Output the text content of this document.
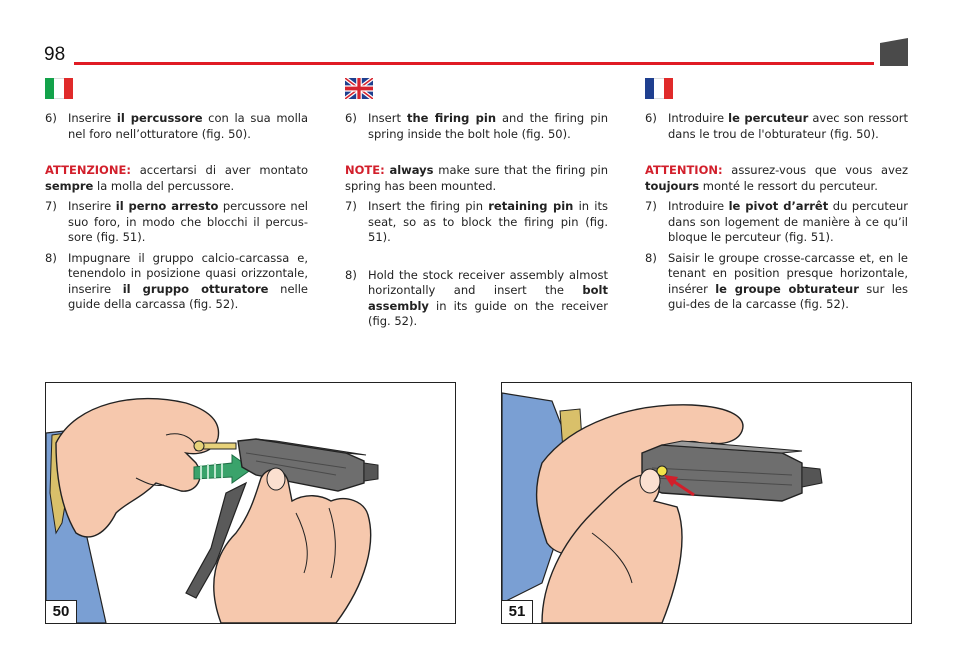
98
6) Inserire il percussore con la sua molla nel foro nell’otturatore (fig. 50).
ATTENZIONE: accertarsi di aver montato sempre la molla del percussore.
7) Inserire il perno arresto percussore nel suo foro, in modo che blocchi il percus-sore (fig. 51).
8) Impugnare il gruppo calcio-carcassa e, tenendolo in posizione quasi orizzontale, inserire il gruppo otturatore nelle guide della carcassa (fig. 52).
6) Insert the firing pin and the firing pin spring inside the bolt hole (fig. 50).
NOTE: always make sure that the firing pin spring has been mounted.
7) Insert the firing pin retaining pin in its seat, so as to block the firing pin (fig. 51).
8) Hold the stock receiver assembly almost horizontally and insert the bolt assembly in its guide on the receiver (fig. 52).
6) Introduire le percuteur avec son ressort dans le trou de l'obturateur (fig. 50).
ATTENTION: assurez-vous que vous avez toujours monté le ressort du percuteur.
7) Introduire le pivot d’arrêt du percuteur dans son logement de manière à ce qu’il bloque le percuteur (fig. 51).
8) Saisir le groupe crosse-carcasse et, en le tenant en position presque horizontale, insérer le groupe obturateur sur les gui-des de la carcasse (fig. 52).
50	51
